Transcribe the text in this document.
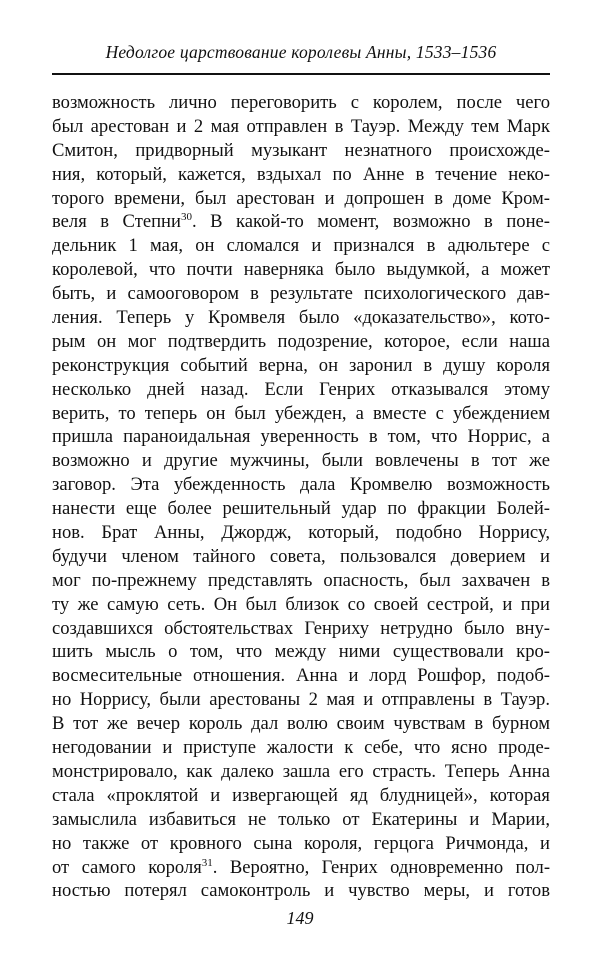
Недолгое царствование королевы Анны, 1533–1536
возможность лично переговорить с королем, после чего
был арестован и 2 мая отправлен в Тауэр. Между тем Марк
Смитон, придворный музыкант незнатного происхожде-
ния, который, кажется, вздыхал по Анне в течение неко-
торого времени, был арестован и допрошен в доме Кром-
веля в Степни$^{30}$. В какой-то момент, возможно в поне-
дельник 1 мая, он сломался и признался в адюльтере с
королевой, что почти наверняка было выдумкой, а может
быть, и самооговором в результате психологического дав-
ления. Теперь у Кромвеля было «доказательство», кото-
рым он мог подтвердить подозрение, которое, если наша
реконструкция событий верна, он заронил в душу короля
несколько дней назад. Если Генрих отказывался этому
верить, то теперь он был убежден, а вместе с убеждением
пришла параноидальная уверенность в том, что Норрис, а
возможно и другие мужчины, были вовлечены в тот же
заговор. Эта убежденность дала Кромвелю возможность
нанести еще более решительный удар по фракции Болей-
нов. Брат Анны, Джордж, который, подобно Норрису,
будучи членом тайного совета, пользовался доверием и
мог по-прежнему представлять опасность, был захвачен в
ту же самую сеть. Он был близок со своей сестрой, и при
создавшихся обстоятельствах Генриху нетрудно было вну-
шить мысль о том, что между ними существовали кро-
восмесительные отношения. Анна и лорд Рошфор, подоб-
но Норрису, были арестованы 2 мая и отправлены в Тауэр.
В тот же вечер король дал волю своим чувствам в бурном
негодовании и приступе жалости к себе, что ясно проде-
монстрировало, как далеко зашла его страсть. Теперь Анна
стала «проклятой и извергающей яд блудницей», которая
замыслила избавиться не только от Екатерины и Марии,
но также от кровного сына короля, герцога Ричмонда, и
от самого короля$^{31}$. Вероятно, Генрих одновременно пол-
ностью потерял самоконтроль и чувство меры, и готов
149
